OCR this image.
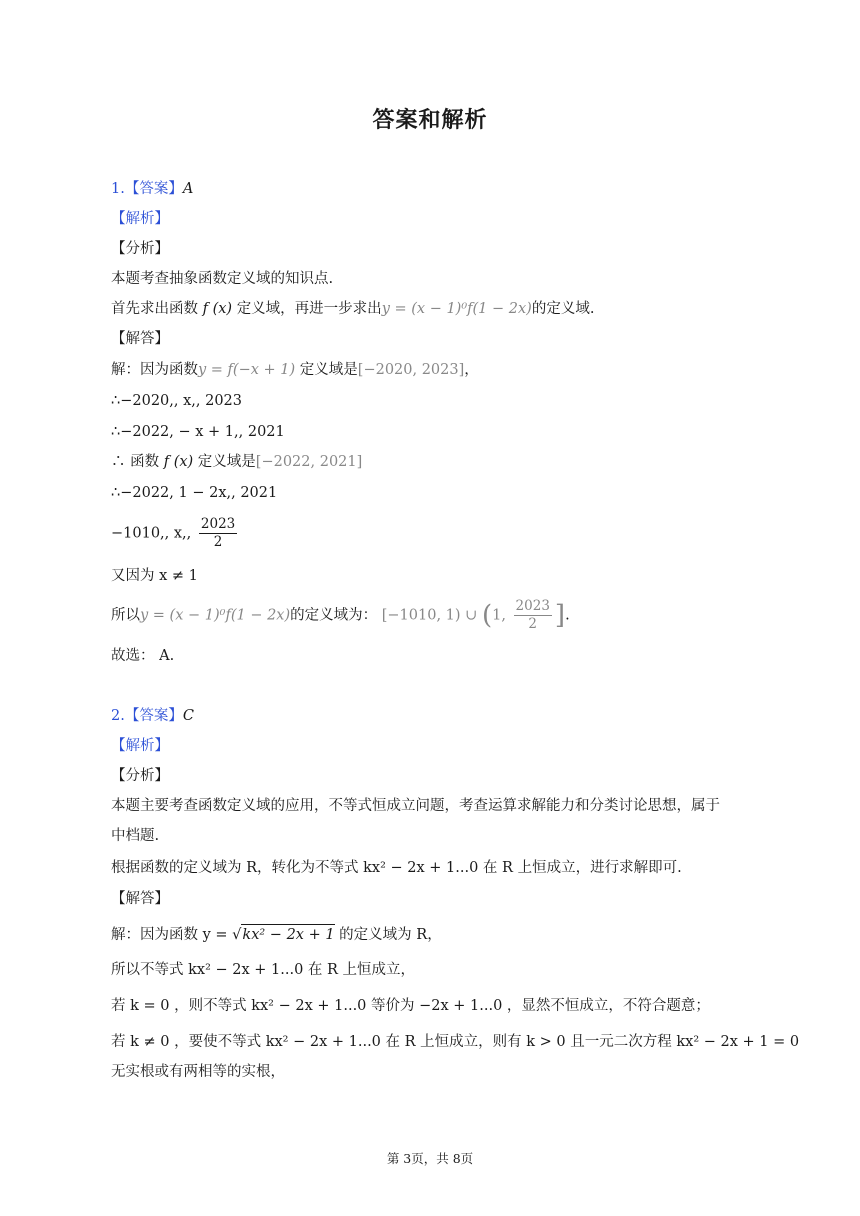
答案和解析
1.【答案】A
【解析】
【分析】
本题考查抽象函数定义域的知识点.
首先求出函数 f (x) 定义域，再进一步求出y = (x − 1)⁰f(1 − 2x)的定义域.
【解答】
解：因为函数y = f(−x + 1) 定义域是[−2020, 2023]，
∴−2020,, x,, 2023
∴−2022, − x + 1,, 2021
∴ 函数 f (x) 定义域是[−2022, 2021]
∴−2022, 1 − 2x,, 2021
−1010,, x,, $\frac{2023}{2}$
又因为 x ≠ 1
所以y = (x − 1)⁰f(1 − 2x)的定义域为： [−1010, 1) ∪ (1, $\frac{2023}{2}$ ].
故选： A.
2.【答案】C
【解析】
【分析】
本题主要考查函数定义域的应用，不等式恒成立问题，考查运算求解能力和分类讨论思想，属于
中档题.
根据函数的定义域为 R，转化为不等式 kx² − 2x + 1...0 在 R 上恒成立，进行求解即可.
【解答】
解：因为函数 y = √kx² − 2x + 1 的定义域为 R，
所以不等式 kx² − 2x + 1...0 在 R 上恒成立，
若 k = 0 ，则不等式 kx² − 2x + 1...0 等价为 −2x + 1...0 ，显然不恒成立，不符合题意；
若 k ≠ 0 ，要使不等式 kx² − 2x + 1...0 在 R 上恒成立，则有 k > 0 且一元二次方程 kx² − 2x + 1 = 0
无实根或有两相等的实根，
第 3页，共 8页
